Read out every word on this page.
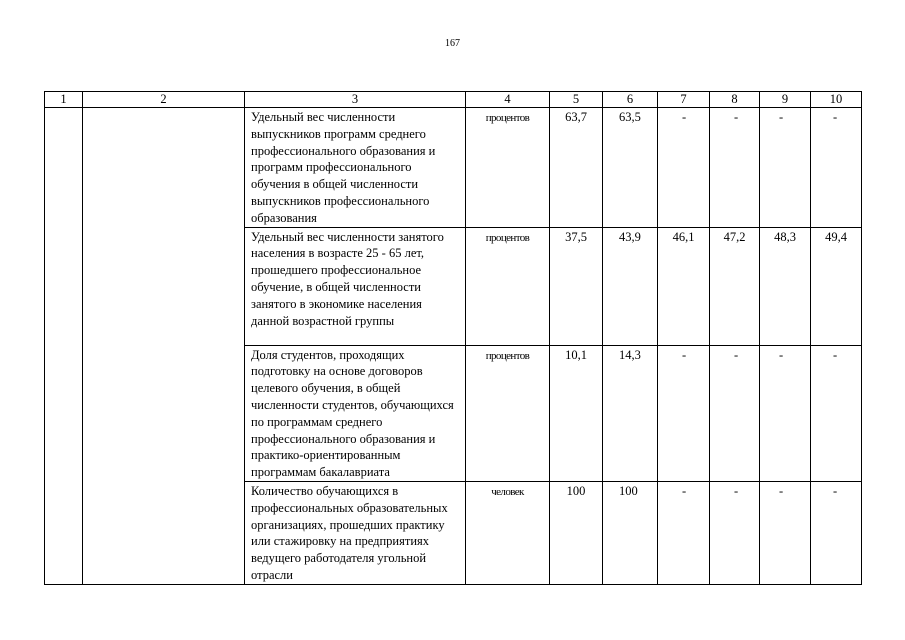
167
1	2	3	4	5	6	7	8	9	10
		Удельный вес численности выпускников программ среднего профессионального образования и программ профессионального обучения в общей численности выпускников профессионального образования	процентов	63,7	63,5	-	-	-	-
		Удельный вес численности занятого населения в возрасте 25 - 65 лет, прошедшего профессиональное обучение, в общей численности занятого в экономике населения данной возрастной группы	процентов	37,5	43,9	46,1	47,2	48,3	49,4
		Доля студентов, проходящих подготовку на основе договоров целевого обучения, в общей численности студентов, обучающихся по программам среднего профессионального образования и практико-ориентированным программам бакалавриата	процентов	10,1	14,3	-	-	-	-
		Количество обучающихся в профессиональных образовательных организациях, прошедших практику или стажировку на предприятиях ведущего работодателя угольной отрасли	человек	100	100	-	-	-	-
